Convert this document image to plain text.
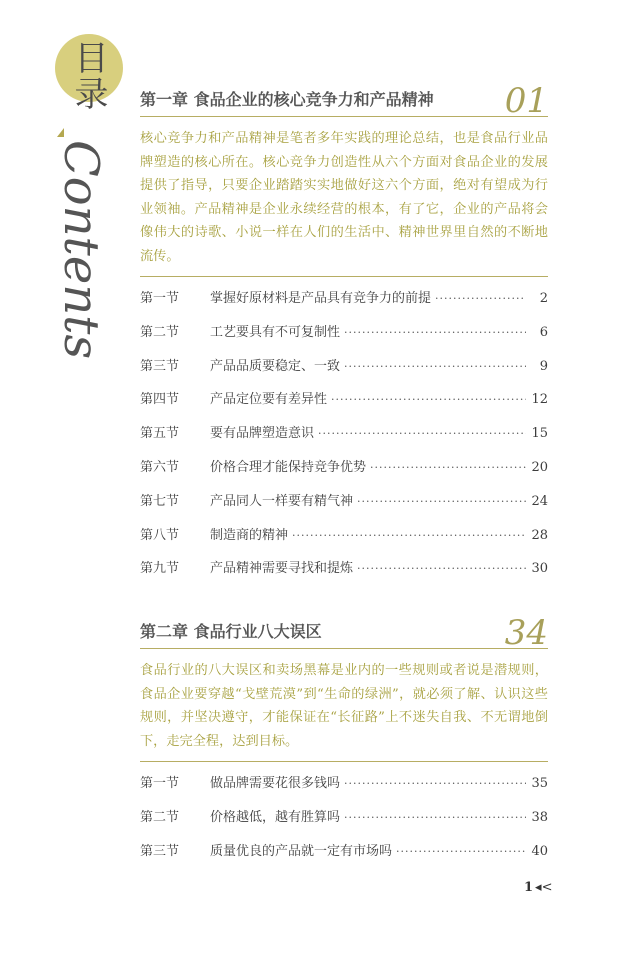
目录
Contents
第一章 食品企业的核心竞争力和产品精神 01
核心竞争力和产品精神是笔者多年实践的理论总结，也是食品行业品牌塑造的核心所在。核心竞争力创造性从六个方面对食品企业的发展提供了指导，只要企业踏踏实实地做好这六个方面，绝对有望成为行业领袖。产品精神是企业永续经营的根本，有了它，企业的产品将会像伟大的诗歌、小说一样在人们的生活中、精神世界里自然的不断地流传。
第一节	掌握好原材料是产品具有竞争力的前提 ·····	2
第二节	工艺要具有不可复制性 ·····	6
第三节	产品品质要稳定、一致 ·····	9
第四节	产品定位要有差异性 ·····	12
第五节	要有品牌塑造意识 ·····	15
第六节	价格合理才能保持竞争优势 ·····	20
第七节	产品同人一样要有精气神 ·····	24
第八节	制造商的精神 ·····	28
第九节	产品精神需要寻找和提炼 ·····	30
第二章 食品行业八大误区	34
食品行业的八大误区和卖场黑幕是业内的一些规则或者说是潜规则，食品企业要穿越“戈壁荒漠”到“生命的绿洲”，就必须了解、认识这些规则，并坚决遵守，才能保证在“长征路”上不迷失自我、不无谓地倒下，走完全程，达到目标。
第一节	做品牌需要花很多钱吗 ·····	35
第二节	价格越低，越有胜算吗 ·····	38
第三节	质量优良的产品就一定有市场吗 ·····	40
1 ◂<
